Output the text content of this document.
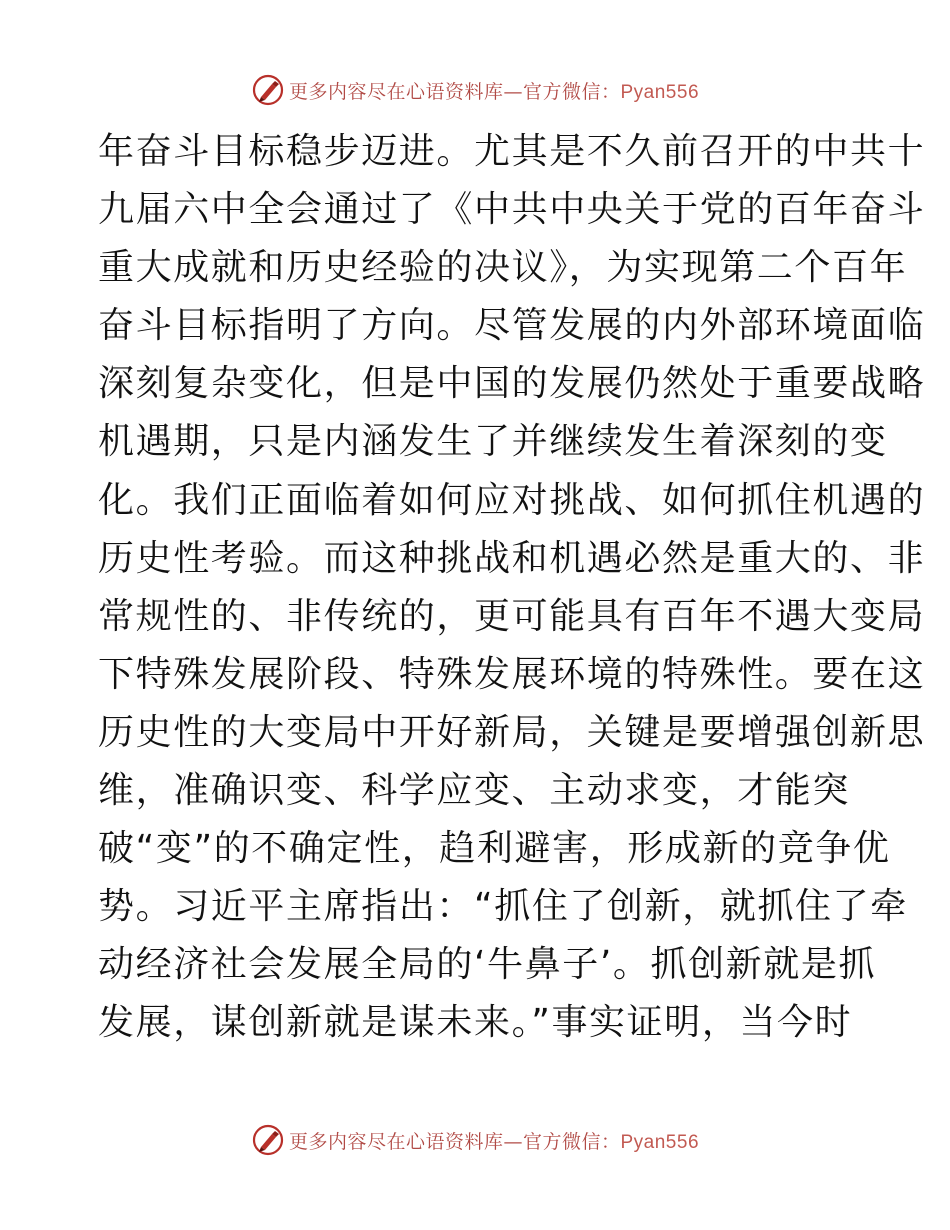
更多内容尽在心语资料库—官方微信：Pyan556
年奋斗目标稳步迈进。尤其是不久前召开的中共十
九届六中全会通过了《中共中央关于党的百年奋斗
重大成就和历史经验的决议》，为实现第二个百年
奋斗目标指明了方向。尽管发展的内外部环境面临
深刻复杂变化，但是中国的发展仍然处于重要战略
机遇期，只是内涵发生了并继续发生着深刻的变
化。我们正面临着如何应对挑战、如何抓住机遇的
历史性考验。而这种挑战和机遇必然是重大的、非
常规性的、非传统的，更可能具有百年不遇大变局
下特殊发展阶段、特殊发展环境的特殊性。要在这
历史性的大变局中开好新局，关键是要增强创新思
维，准确识变、科学应变、主动求变，才能突
破“变”的不确定性，趋利避害，形成新的竞争优
势。习近平主席指出：“抓住了创新，就抓住了牵
动经济社会发展全局的‘牛鼻子’。抓创新就是抓
发展，谋创新就是谋未来。”事实证明，当今时
更多内容尽在心语资料库—官方微信：Pyan556
